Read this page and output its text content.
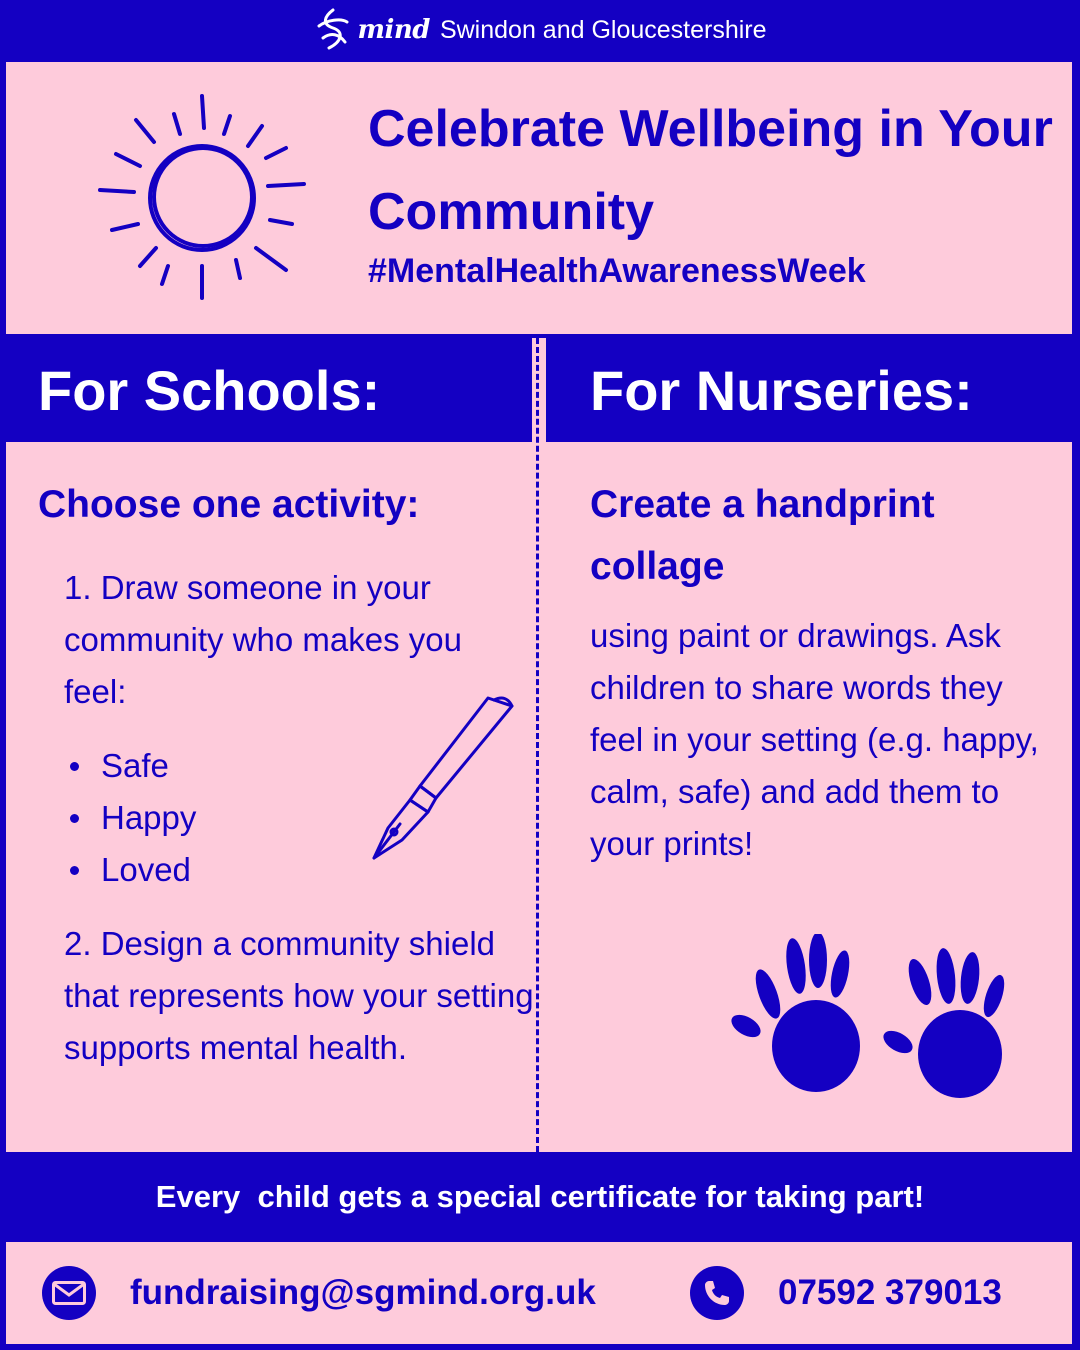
mind Swindon and Gloucestershire
Celebrate Wellbeing in Your Community
#MentalHealthAwarenessWeek
For Schools:	For Nurseries:
Choose one activity:
1. Draw someone in your community who makes you feel:
Safe
Happy
Loved
2. Design a community shield that represents how your setting supports mental health.
Create a handprint collage
using paint or drawings. Ask children to share words they feel in your setting (e.g. happy, calm, safe) and add them to your prints!
Every  child gets a special certificate for taking part!
fundraising@sgmind.org.uk	07592 379013
